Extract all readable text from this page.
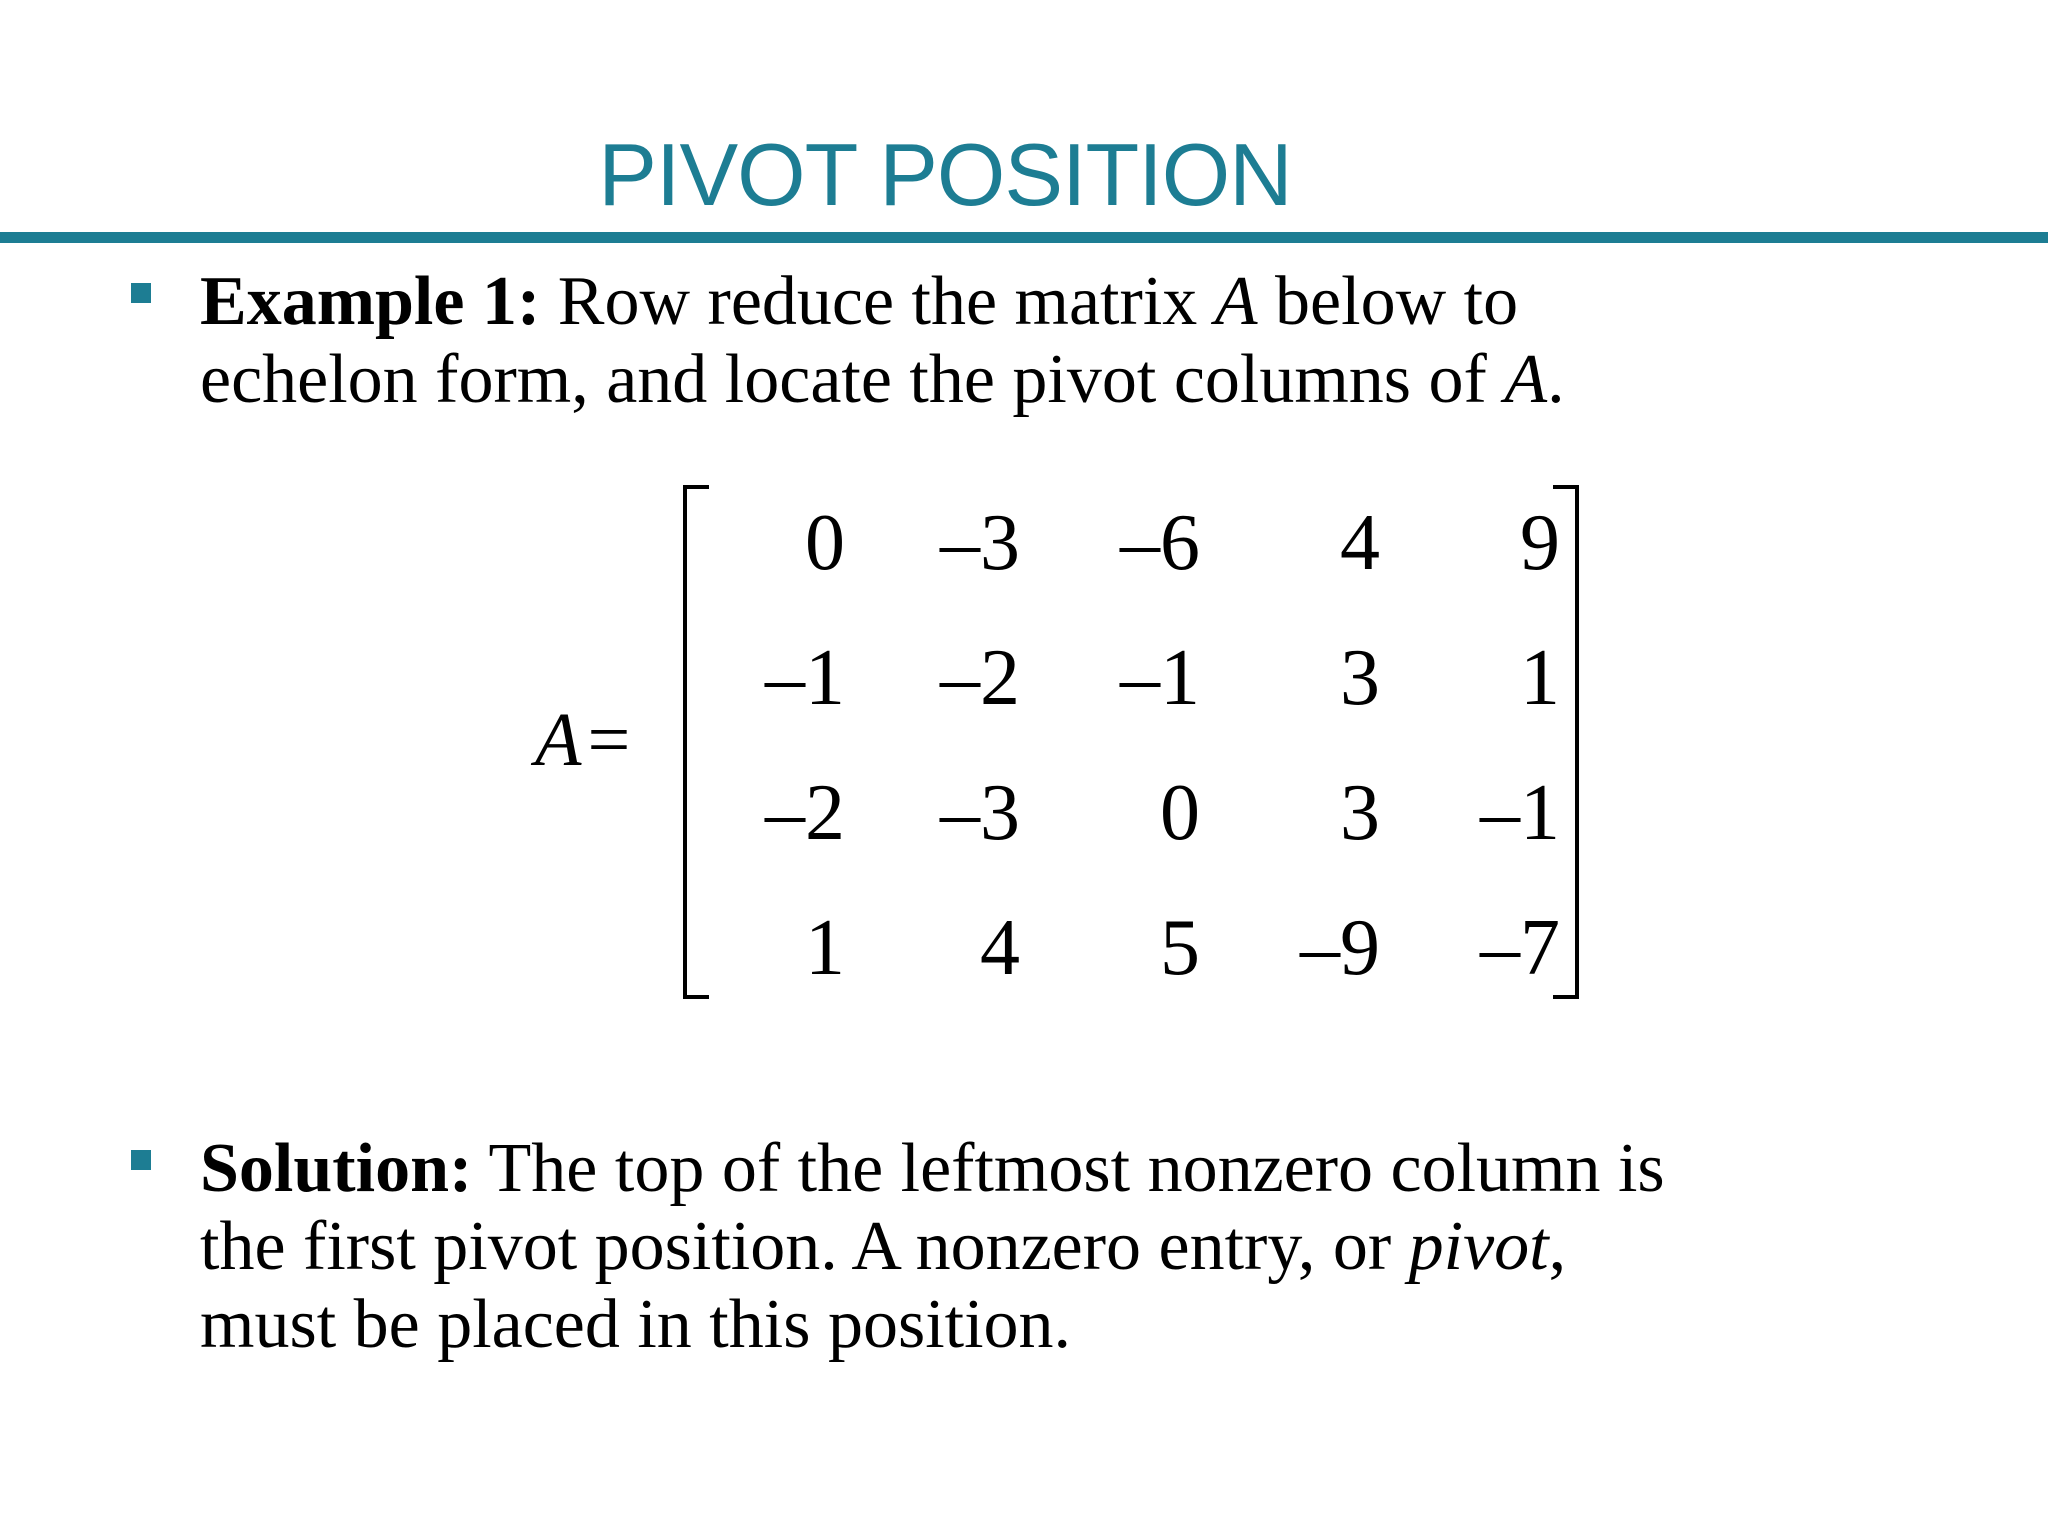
PIVOT POSITION
Example 1: Row reduce the matrix A below to
echelon form, and locate the pivot columns of A.
A=
0	–3	–6	4	9
–1	–2	–1	3	1
–2	–3	0	3	–1
1	4	5	–9	–7
Solution: The top of the leftmost nonzero column is
the first pivot position. A nonzero entry, or pivot,
must be placed in this position.
